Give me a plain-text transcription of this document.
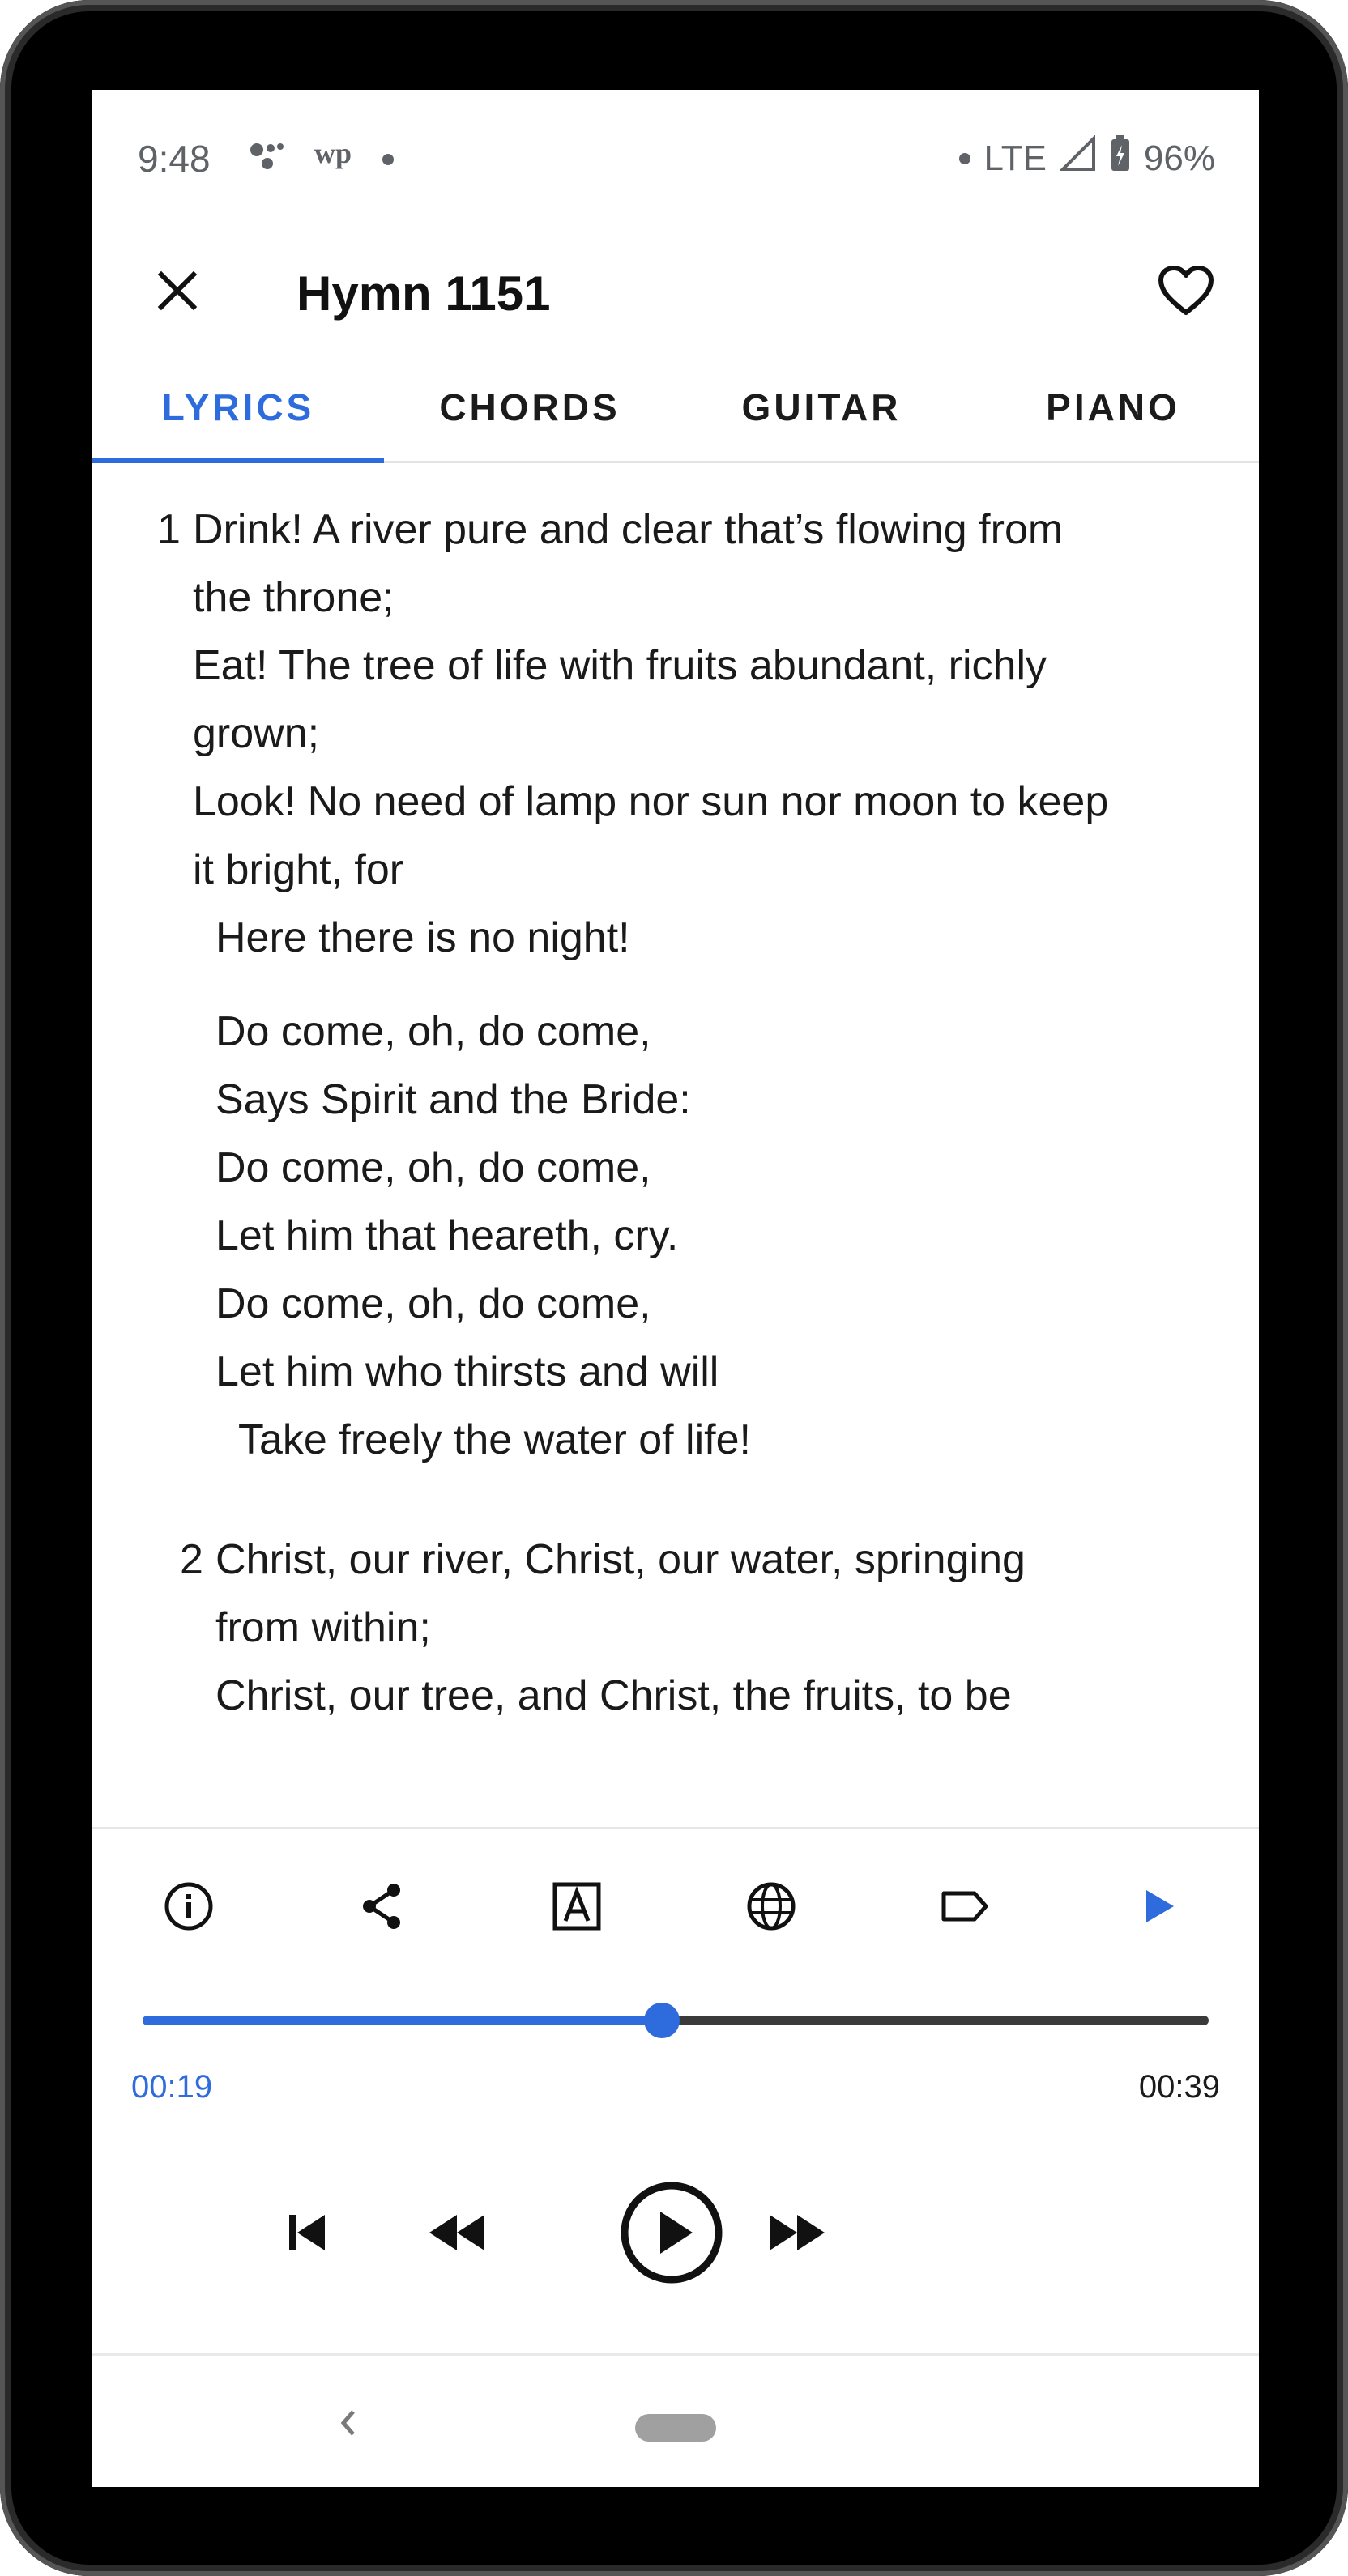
9:48	wp	LTE	96%
Hymn 1151
LYRICS	CHORDS	GUITAR	PIANO
1 Drink! A river pure and clear that’s flowing from
the throne;
Eat! The tree of life with fruits abundant, richly
grown;
Look! No need of lamp nor sun nor moon to keep
it bright, for
Here there is no night!
Do come, oh, do come,
Says Spirit and the Bride:
Do come, oh, do come,
Let him that heareth, cry.
Do come, oh, do come,
Let him who thirsts and will
Take freely the water of life!
2 Christ, our river, Christ, our water, springing
from within;
Christ, our tree, and Christ, the fruits, to be
00:19	00:39
